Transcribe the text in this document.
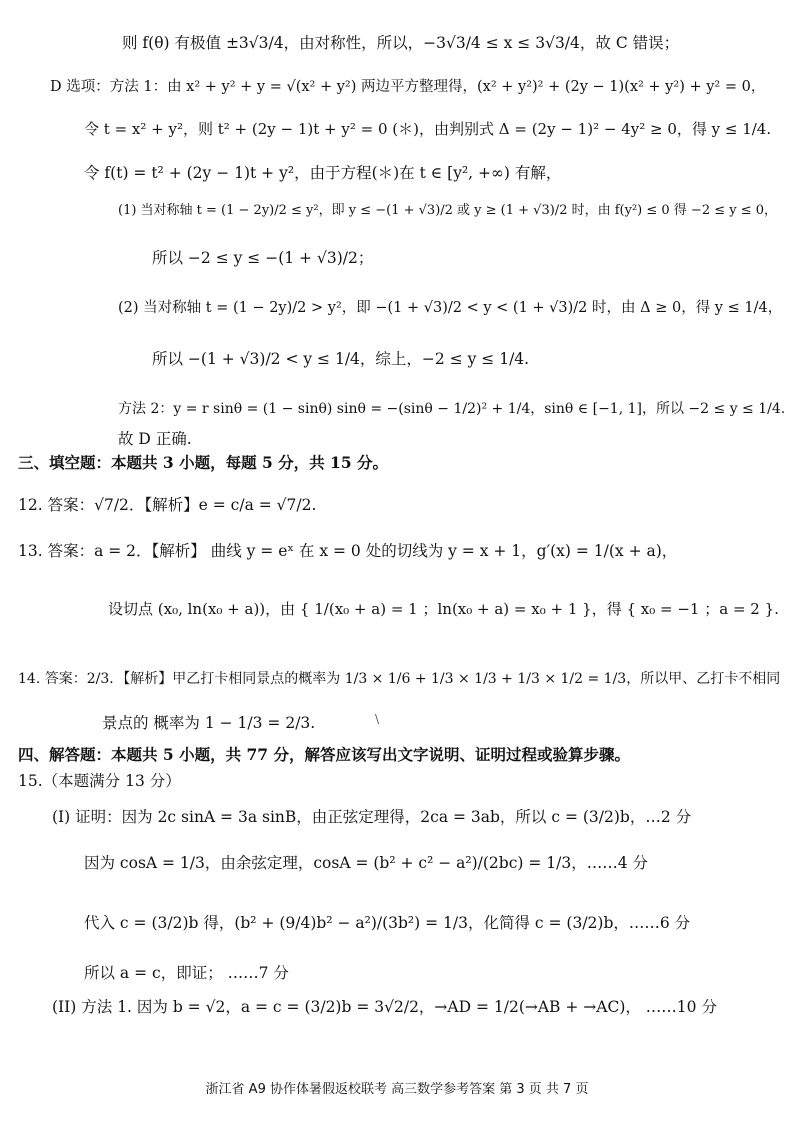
则 f(θ) 有极值 ±3√3/4，由对称性，所以，−3√3/4 ≤ x ≤ 3√3/4，故 C 错误；
D 选项：方法 1：由 x² + y² + y = √(x² + y²) 两边平方整理得，(x² + y²)² + (2y − 1)(x² + y²) + y² = 0，
令 t = x² + y²，则 t² + (2y − 1)t + y² = 0 (＊)，由判别式 Δ = (2y − 1)² − 4y² ≥ 0，得 y ≤ 1/4.
令 f(t) = t² + (2y − 1)t + y²，由于方程(＊)在 t ∈ [y², +∞) 有解，
(1) 当对称轴 t = (1 − 2y)/2 ≤ y²，即 y ≤ −(1 + √3)/2 或 y ≥ (1 + √3)/2 时，由 f(y²) ≤ 0 得 −2 ≤ y ≤ 0，
所以 −2 ≤ y ≤ −(1 + √3)/2；
(2) 当对称轴 t = (1 − 2y)/2 > y²，即 −(1 + √3)/2 < y < (1 + √3)/2 时，由 Δ ≥ 0，得 y ≤ 1/4，
所以 −(1 + √3)/2 < y ≤ 1/4，综上，−2 ≤ y ≤ 1/4.
方法 2：y = r sinθ = (1 − sinθ) sinθ = −(sinθ − 1/2)² + 1/4，sinθ ∈ [−1, 1]，所以 −2 ≤ y ≤ 1/4.
故 D 正确.
三、填空题：本题共 3 小题，每题 5 分，共 15 分。
12. 答案：√7/2．【解析】e = c/a = √7/2.
13. 答案：a = 2．【解析】 曲线 y = eˣ 在 x = 0 处的切线为 y = x + 1，g′(x) = 1/(x + a)，
设切点 (x₀, ln(x₀ + a))，由 { 1/(x₀ + a) = 1 ；ln(x₀ + a) = x₀ + 1 }，得 { x₀ = −1 ；a = 2 }.
14. 答案：2/3．【解析】甲乙打卡相同景点的概率为 1/3 × 1/6 + 1/3 × 1/3 + 1/3 × 1/2 = 1/3，所以甲、乙打卡不相同
景点的 概率为 1 − 1/3 = 2/3.	\
四、解答题：本题共 5 小题，共 77 分，解答应该写出文字说明、证明过程或验算步骤。
15.（本题满分 13 分）
(I) 证明：因为 2c sinA = 3a sinB，由正弦定理得，2ca = 3ab，所以 c = (3/2)b，…2 分
因为 cosA = 1/3，由余弦定理，cosA = (b² + c² − a²)/(2bc) = 1/3，……4 分
代入 c = (3/2)b 得，(b² + (9/4)b² − a²)/(3b²) = 1/3，化简得 c = (3/2)b，……6 分
所以 a = c，即证； ……7 分
(II) 方法 1. 因为 b = √2，a = c = (3/2)b = 3√2/2，→AD = 1/2(→AB + →AC)， ……10 分
浙江省 A9 协作体暑假返校联考 高三数学参考答案 第 3 页 共 7 页
